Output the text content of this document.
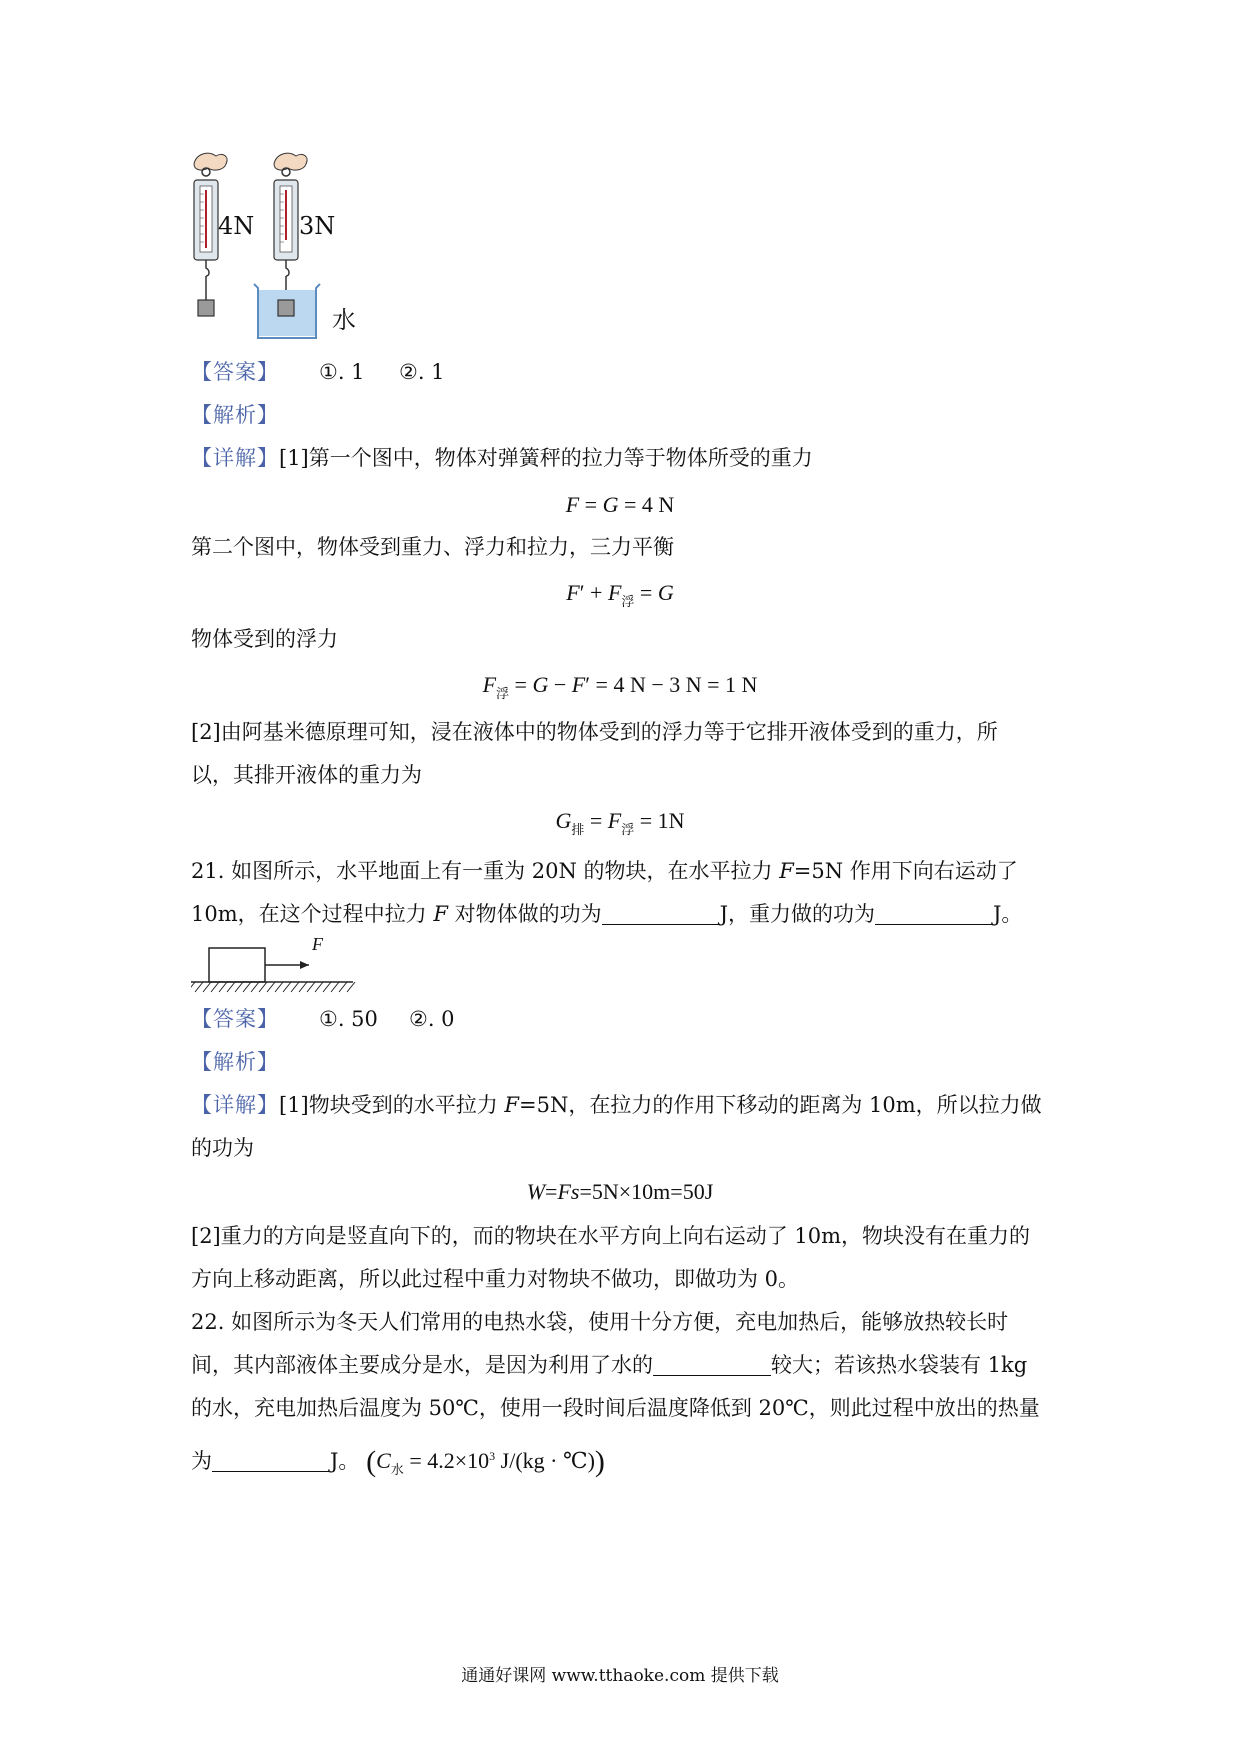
4N 3N
水
【答案】 ①. 1 ②. 1
【解析】
【详解】[1]第一个图中，物体对弹簧秤的拉力等于物体所受的重力
F = G = 4 N
第二个图中，物体受到重力、浮力和拉力，三力平衡
$F' + F_浮 = G$
物体受到的浮力
$F_浮 = G - F' = 4$ N − 3 N = 1 N
[2]由阿基米德原理可知，浸在液体中的物体受到的浮力等于它排开液体受到的重力，所
以，其排开液体的重力为
$G_排 = F_浮 = 1N$
21. 如图所示，水平地面上有一重为 20N 的物块，在水平拉力 F=5N 作用下向右运动了
10m，在这个过程中拉力 F 对物体做的功为	J，重力做的功为	J。
F
【答案】 ①. 50 ②. 0
【解析】
【详解】[1]物块受到的水平拉力 F=5N，在拉力的作用下移动的距离为 10m，所以拉力做
的功为
W=Fs=5N×10m=50J
[2]重力的方向是竖直向下的，而的物块在水平方向上向右运动了 10m，物块没有在重力的
方向上移动距离，所以此过程中重力对物块不做功，即做功为 0。
22. 如图所示为冬天人们常用的电热水袋，使用十分方便，充电加热后，能够放热较长时
间，其内部液体主要成分是水，是因为利用了水的	较大；若该热水袋装有 1kg
的水，充电加热后温度为 50℃，使用一段时间后温度降低到 20℃，则此过程中放出的热量
为	J。 ($C_水 = 4.2\times 10^3$ J/(kg · ℃))
通通好课网 www.tthaoke.com 提供下载
